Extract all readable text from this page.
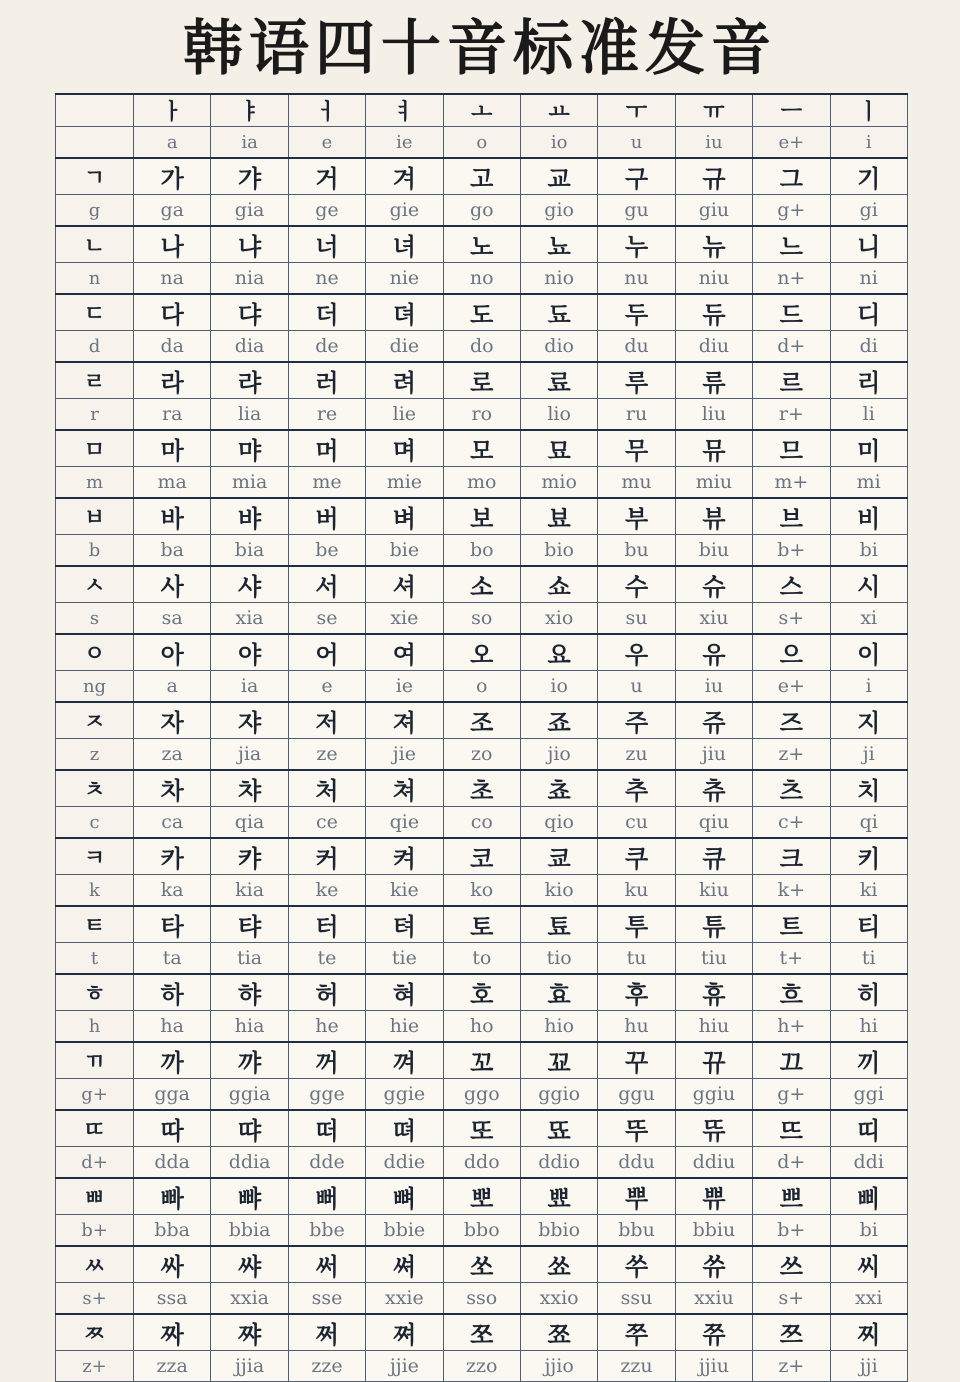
韩语四十音标准发音
	ㅏ	ㅑ	ㅓ	ㅕ	ㅗ	ㅛ	ㅜ	ㅠ	ㅡ	ㅣ
	a	ia	e	ie	o	io	u	iu	e+	i
ㄱ	가	갸	거	겨	고	교	구	규	그	기
g	ga	gia	ge	gie	go	gio	gu	giu	g+	gi
ㄴ	나	냐	너	녀	노	뇨	누	뉴	느	니
n	na	nia	ne	nie	no	nio	nu	niu	n+	ni
ㄷ	다	댜	더	뎌	도	됴	두	듀	드	디
d	da	dia	de	die	do	dio	du	diu	d+	di
ㄹ	라	랴	러	려	로	료	루	류	르	리
r	ra	lia	re	lie	ro	lio	ru	liu	r+	li
ㅁ	마	먀	머	며	모	묘	무	뮤	므	미
m	ma	mia	me	mie	mo	mio	mu	miu	m+	mi
ㅂ	바	뱌	버	벼	보	뵤	부	뷰	브	비
b	ba	bia	be	bie	bo	bio	bu	biu	b+	bi
ㅅ	사	샤	서	셔	소	쇼	수	슈	스	시
s	sa	xia	se	xie	so	xio	su	xiu	s+	xi
ㅇ	아	야	어	여	오	요	우	유	으	이
ng	a	ia	e	ie	o	io	u	iu	e+	i
ㅈ	자	쟈	저	져	조	죠	주	쥬	즈	지
z	za	jia	ze	jie	zo	jio	zu	jiu	z+	ji
ㅊ	차	챠	처	쳐	초	쵸	추	츄	츠	치
c	ca	qia	ce	qie	co	qio	cu	qiu	c+	qi
ㅋ	카	캬	커	켜	코	쿄	쿠	큐	크	키
k	ka	kia	ke	kie	ko	kio	ku	kiu	k+	ki
ㅌ	타	탸	터	텨	토	툐	투	튜	트	티
t	ta	tia	te	tie	to	tio	tu	tiu	t+	ti
ㅎ	하	햐	허	혀	호	효	후	휴	흐	히
h	ha	hia	he	hie	ho	hio	hu	hiu	h+	hi
ㄲ	까	꺄	꺼	껴	꼬	꾜	꾸	뀨	끄	끼
g+	gga	ggia	gge	ggie	ggo	ggio	ggu	ggiu	g+	ggi
ㄸ	따	땨	떠	뗘	또	뚀	뚜	뜌	뜨	띠
d+	dda	ddia	dde	ddie	ddo	ddio	ddu	ddiu	d+	ddi
ㅃ	빠	뺘	뻐	뼈	뽀	뾰	뿌	쀼	쁘	삐
b+	bba	bbia	bbe	bbie	bbo	bbio	bbu	bbiu	b+	bi
ㅆ	싸	쌰	써	쎠	쏘	쑈	쑤	쓔	쓰	씨
s+	ssa	xxia	sse	xxie	sso	xxio	ssu	xxiu	s+	xxi
ㅉ	짜	쨔	쩌	쪄	쪼	쬬	쭈	쮸	쯔	찌
z+	zza	jjia	zze	jjie	zzo	jjio	zzu	jjiu	z+	jji
